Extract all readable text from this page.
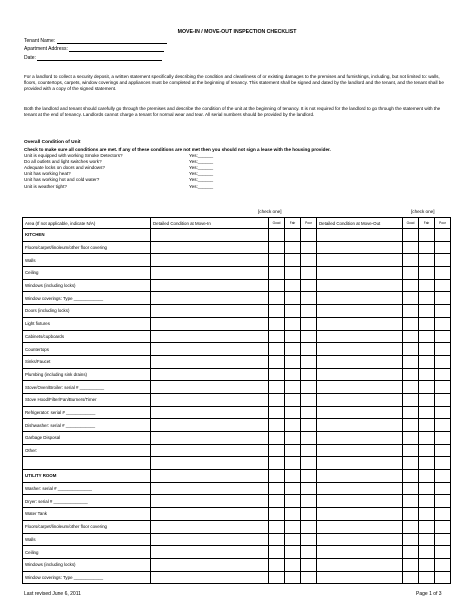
MOVE-IN / MOVE-OUT INSPECTION CHECKLIST
Tenant Name:
Apartment Address:
Date:
For a landlord to collect a security deposit, a written statement specifically describing the condition and cleanliness of or existing damages to the premises and furnishings, including, but not limited to: walls, floors, countertops, carpets, window coverings and appliances must be completed at the beginning of tenancy. This statement shall be signed and dated by the landlord and the tenant, and the tenant shall be provided with a copy of the signed statement.
Both the landlord and tenant should carefully go through the premises and describe the condition of the unit at the beginning of tenancy. It is not required for the landlord to go through the statement with the tenant at the end of tenancy. Landlords cannot charge a tenant for normal wear and tear. All serial numbers should be provided by the landlord.
Overall Condition of Unit
Check to make sure all conditions are met. If any of these conditions are not met then you should not sign a lease with the housing provider.
Unit is equipped with working Smoke Detectors?	Yes:______
Do all outlets and light switches work?	Yes:______
Adequate locks on doors and windows?	Yes:______
Unit has working heat?	Yes:______
Unit has working hot and cold water?	Yes:______
Unit is weather tight?	Yes:______
[check one]	[check one]
Area (If not applicable, indicate N/A)	Detailed Condition at Move-In	Good	Fair	Poor	Detailed Condition at Move-Out	Good	Fair	Poor
KITCHEN								
Floors/carpet/linoleum/other floor covering								
Walls								
Ceiling								
Windows (including locks)								
Window coverings: Type ____________								
Doors (including locks)								
Light fixtures								
Cabinets/cupboards								
Countertops								
Sinks/Faucet								
Plumbing (including sink drains)								
Stove/Oven/Broiler: serial # __________								
Stove Hood/Filter/Fan/Burners/Timer								
Refrigerator: serial # ____________								
Dishwasher: serial # ____________								
Garbage Disposal								
Other:								

UTILITY ROOM								
Washer: serial # ______________								
Dryer: serial # ______________								
Water Tank								
Floors/carpet/linoleum/other floor covering								
Walls								
Ceiling								
Windows (including locks)								
Window coverings: Type ____________								
Last revised June 6, 2011	Page 1 of 3
